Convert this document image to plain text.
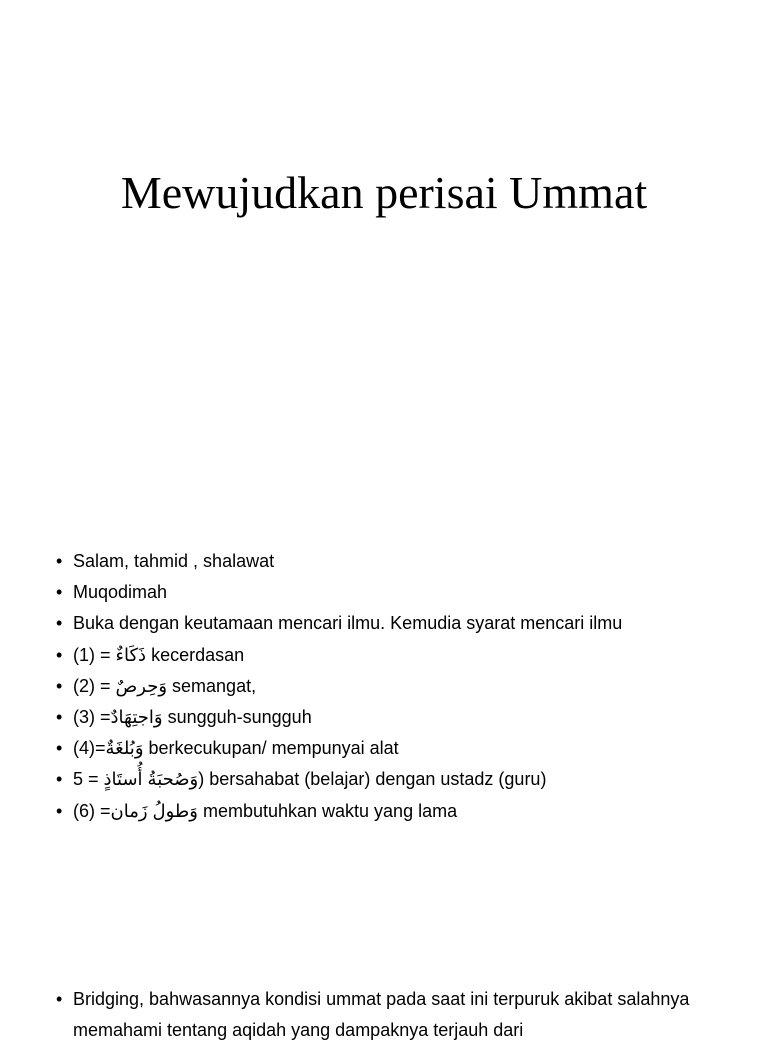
Mewujudkan perisai Ummat
• Salam, tahmid , shalawat
• Muqodimah
• Buka dengan keutamaan mencari ilmu. Kemudia syarat mencari ilmu
• (1) = ذَكَاءٌ kecerdasan
• (2) = وَحِرصٌ semangat,
• (3) =وَاجتِهَادٌ sungguh-sungguh
• (4)=وَبُلغَةٌ berkecukupan/ mempunyai alat
• 5 = وَصُحبَةُ أُستَاذٍ) bersahabat (belajar) dengan ustadz (guru)
• (6) =وَطولُ زَمان membutuhkan waktu yang lama
• Bridging, bahwasannya kondisi ummat pada saat ini terpuruk akibat salahnya memahami tentang aqidah yang dampaknya terjauh dari
